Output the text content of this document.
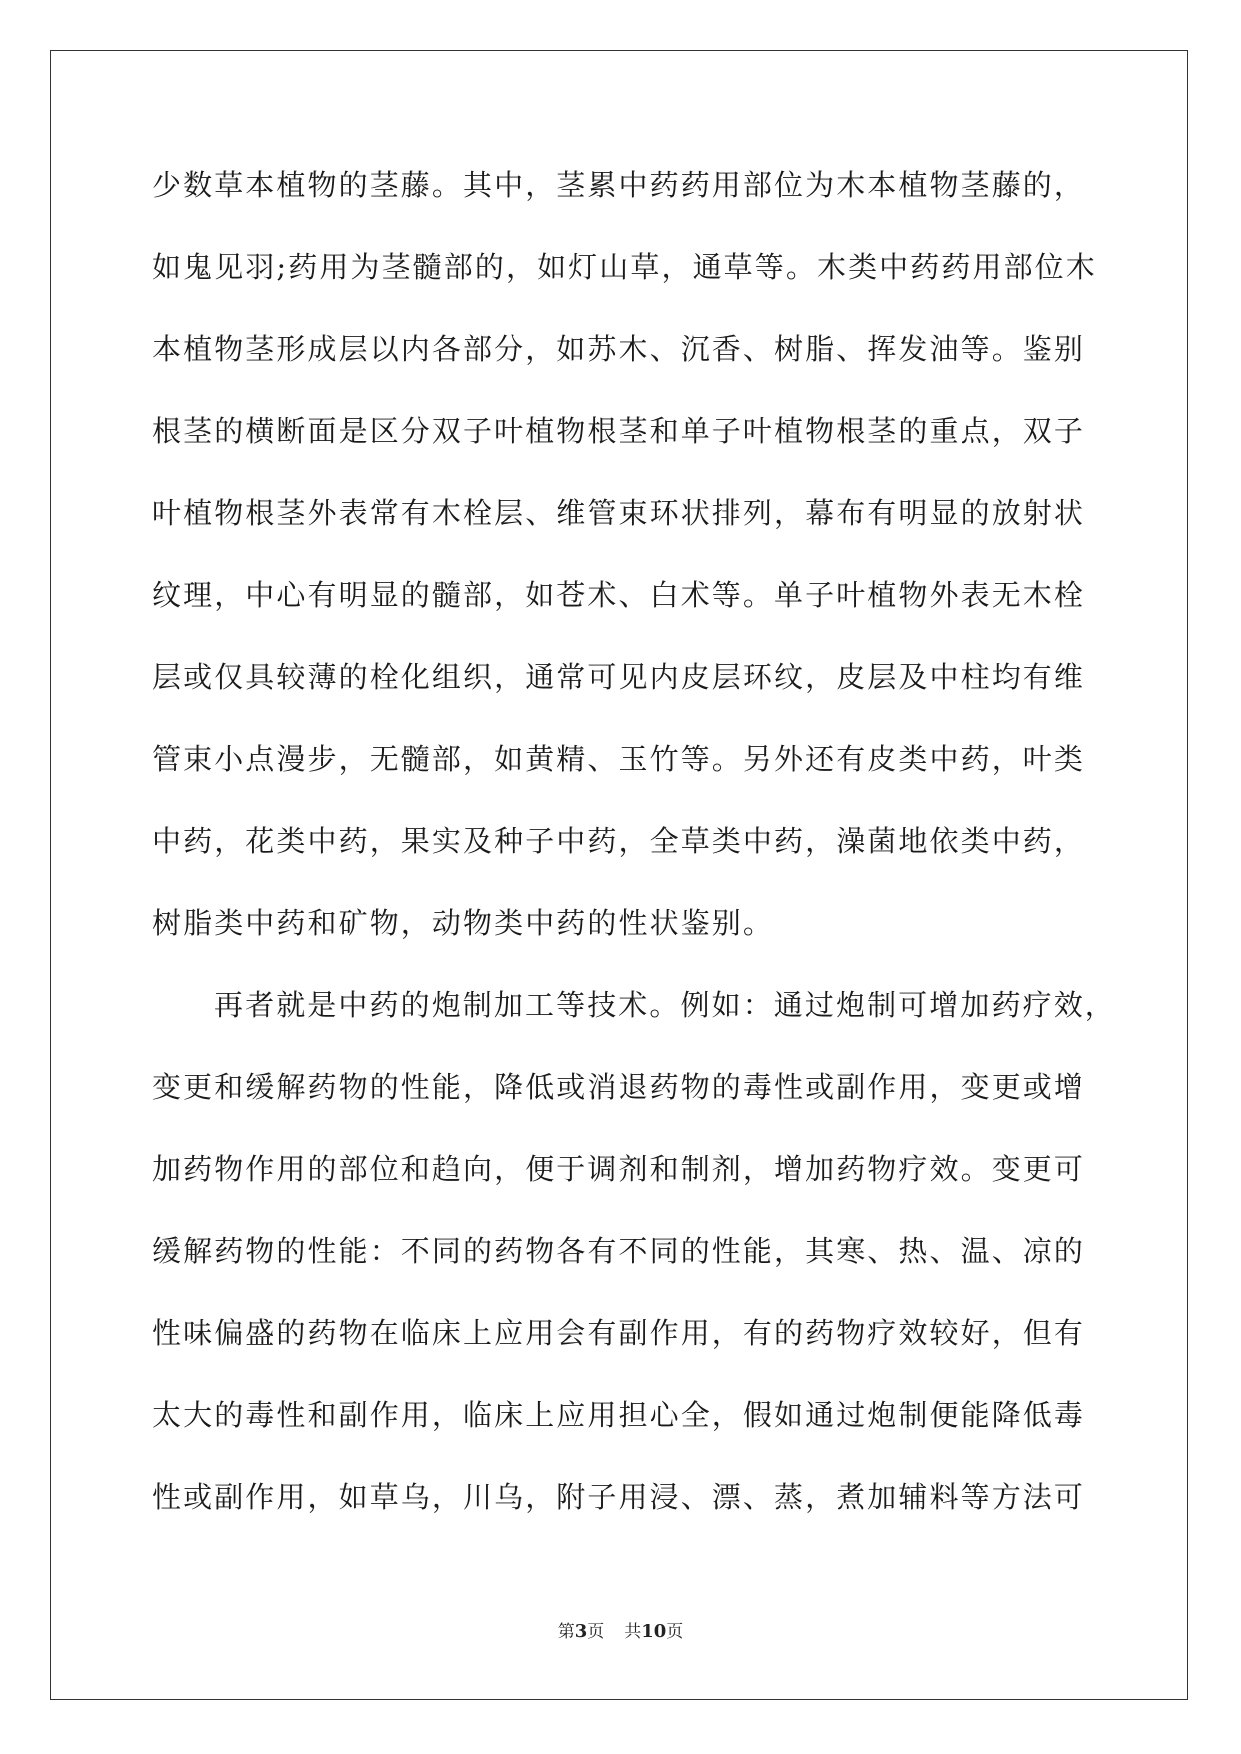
少数草本植物的茎藤。其中，茎累中药药用部位为木本植物茎藤的，
如鬼见羽;药用为茎髓部的，如灯山草，通草等。木类中药药用部位木
本植物茎形成层以内各部分，如苏木、沉香、树脂、挥发油等。鉴别
根茎的横断面是区分双子叶植物根茎和单子叶植物根茎的重点，双子
叶植物根茎外表常有木栓层、维管束环状排列，幕布有明显的放射状
纹理，中心有明显的髓部，如苍术、白术等。单子叶植物外表无木栓
层或仅具较薄的栓化组织，通常可见内皮层环纹，皮层及中柱均有维
管束小点漫步，无髓部，如黄精、玉竹等。另外还有皮类中药，叶类
中药，花类中药，果实及种子中药，全草类中药，澡菌地依类中药，
树脂类中药和矿物，动物类中药的性状鉴别。
再者就是中药的炮制加工等技术。例如：通过炮制可增加药疗效，
变更和缓解药物的性能，降低或消退药物的毒性或副作用，变更或增
加药物作用的部位和趋向，便于调剂和制剂，增加药物疗效。变更可
缓解药物的性能：不同的药物各有不同的性能，其寒、热、温、凉的
性味偏盛的药物在临床上应用会有副作用，有的药物疗效较好，但有
太大的毒性和副作用，临床上应用担心全，假如通过炮制便能降低毒
性或副作用，如草乌，川乌，附子用浸、漂、蒸，煮加辅料等方法可
第3页 共10页
